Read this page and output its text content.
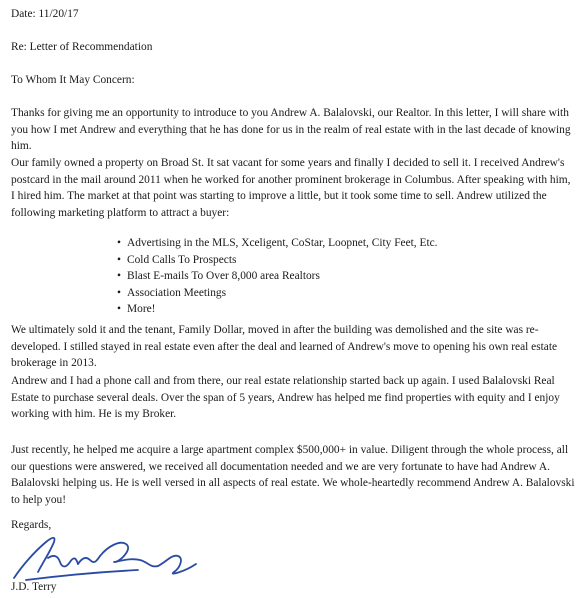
Date: 11/20/17
Re: Letter of Recommendation
To Whom It May Concern:

Thanks for giving me an opportunity to introduce to you Andrew A. Balalovski, our Realtor. In this letter, I will share with you how I met Andrew and everything that he has done for us in the realm of real estate with in the last decade of knowing him.

Our family owned a property on Broad St. It sat vacant for some years and finally I decided to sell it. I received Andrew's postcard in the mail around 2011 when he worked for another prominent brokerage in Columbus. After speaking with him, I hired him. The market at that point was starting to improve a little, but it took some time to sell. Andrew utilized the following marketing platform to attract a buyer:

• Advertising in the MLS, Xceligent, CoStar, Loopnet, City Feet, Etc.
• Cold Calls To Prospects
• Blast E-mails To Over 8,000 area Realtors
• Association Meetings
• More!

We ultimately sold it and the tenant, Family Dollar, moved in after the building was demolished and the site was re-developed. I stilled stayed in real estate even after the deal and learned of Andrew's move to opening his own real estate brokerage in 2013.

Andrew and I had a phone call and from there, our real estate relationship started back up again. I used Balalovski Real Estate to purchase several deals. Over the span of 5 years, Andrew has helped me find properties with equity and I enjoy working with him. He is my Broker.

Just recently, he helped me acquire a large apartment complex $500,000+ in value. Diligent through the whole process, all our questions were answered, we received all documentation needed and we are very fortunate to have had Andrew A. Balalovski helping us. He is well versed in all aspects of real estate. We whole-heartedly recommend Andrew A. Balalovski to help you!

Regards,
J.D. Terry
